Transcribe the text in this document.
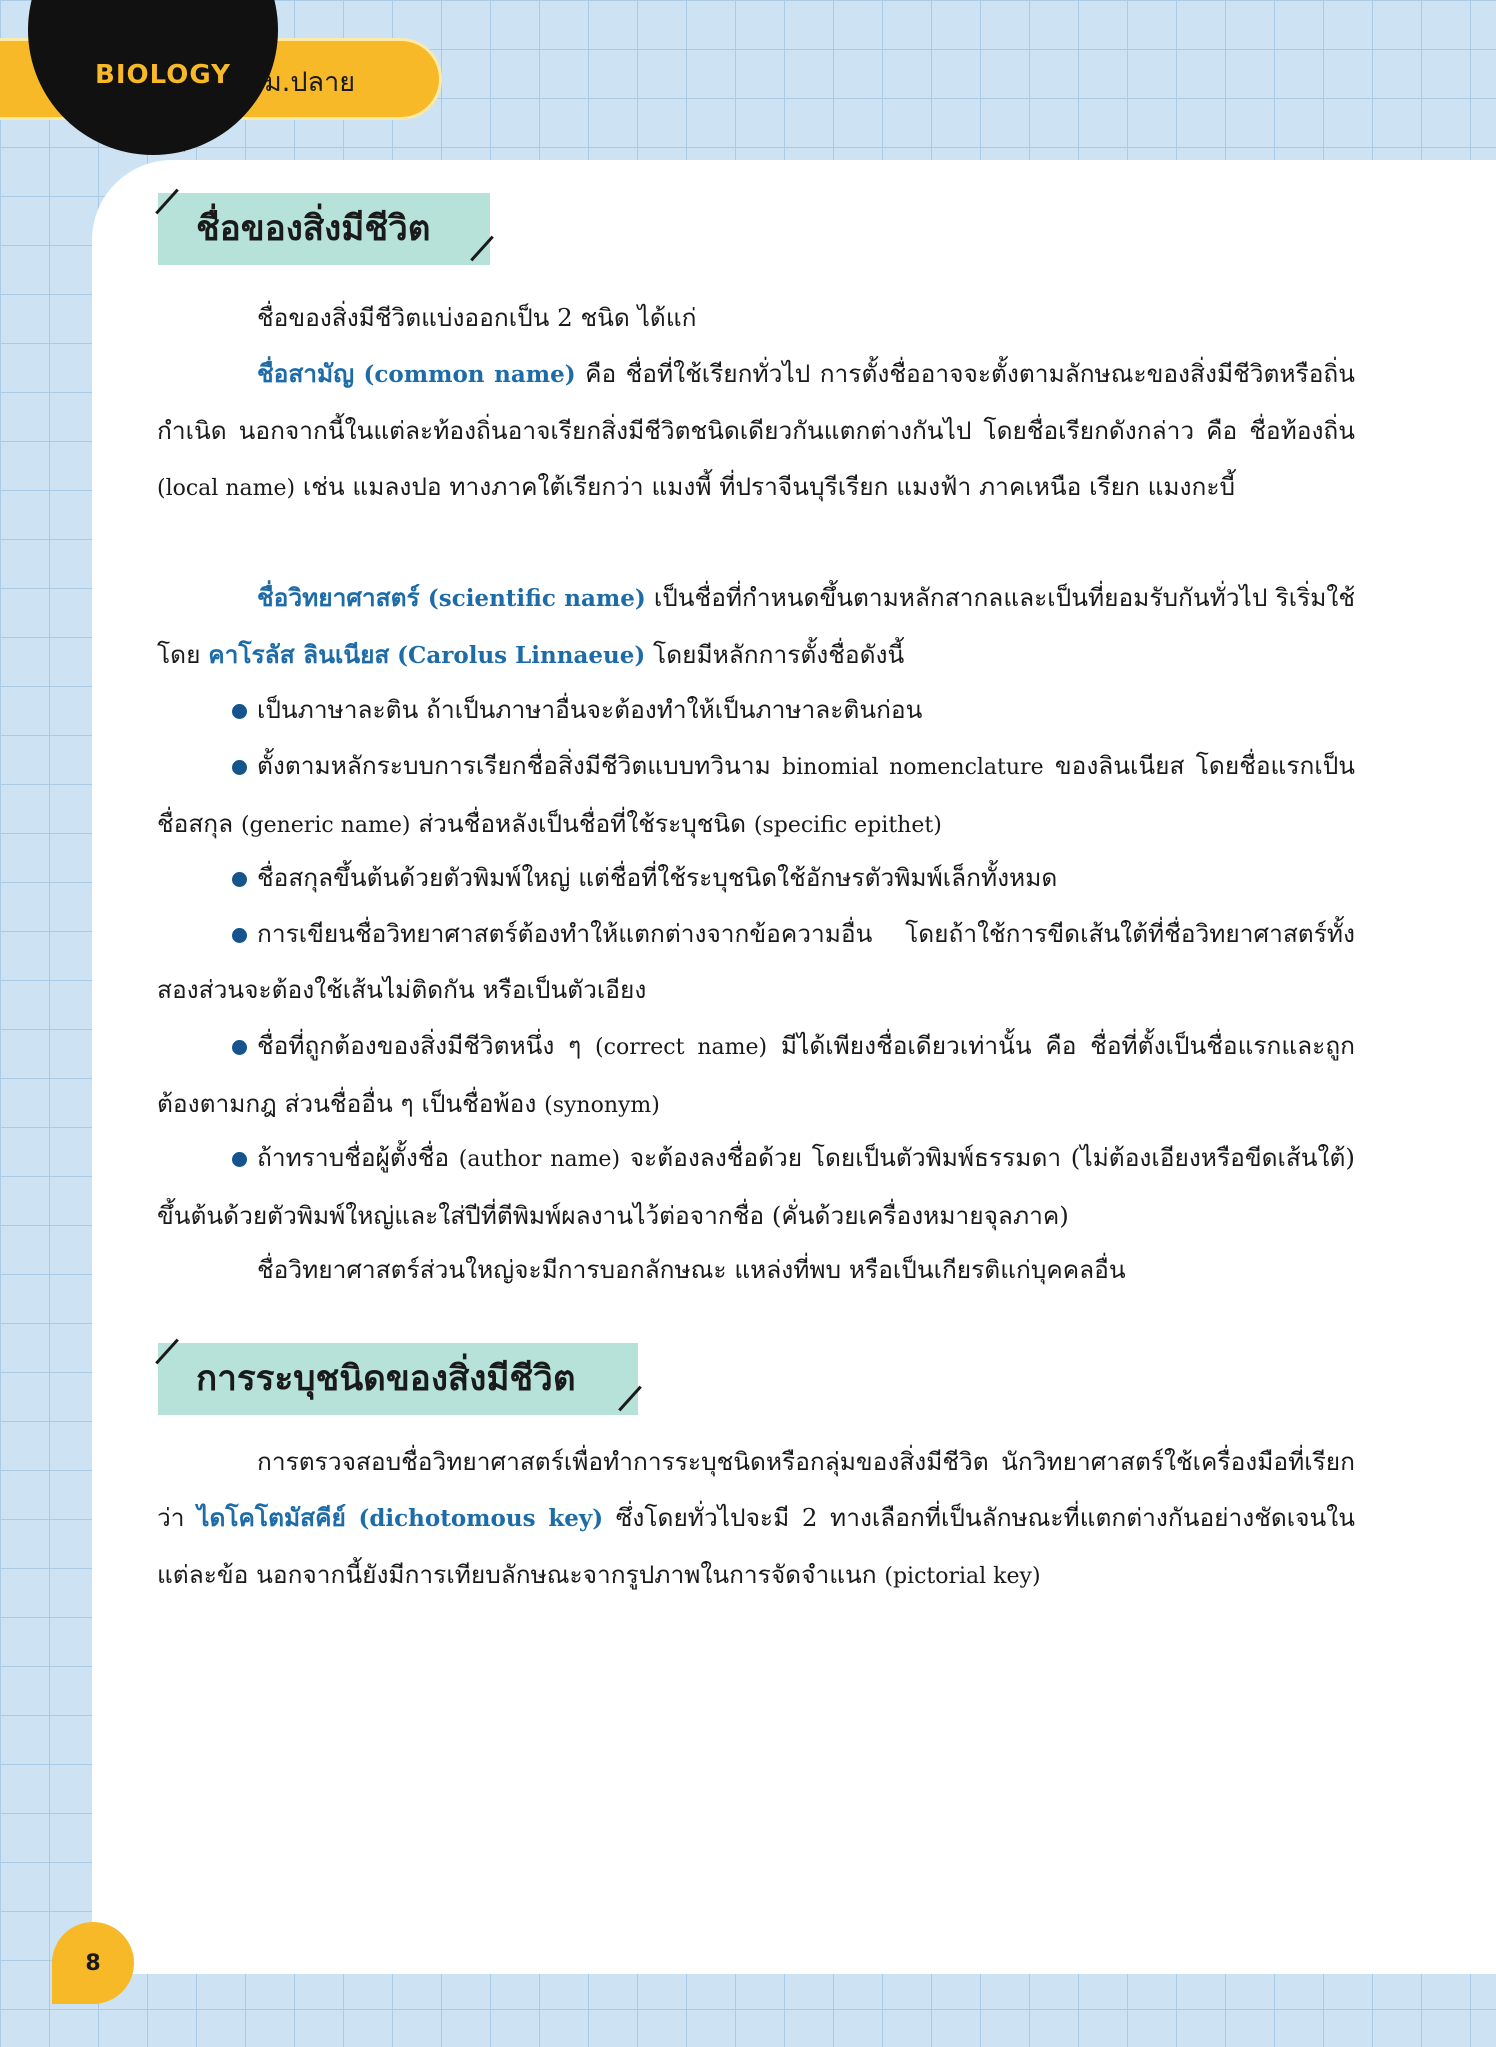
BIOLOGY ม.ปลาย
ชื่อของสิ่งมีชีวิต

ชื่อของสิ่งมีชีวิตแบ่งออกเป็น 2 ชนิด ได้แก่

ชื่อสามัญ (common name) คือ ชื่อที่ใช้เรียกทั่วไป การตั้งชื่ออาจจะตั้งตามลักษณะของสิ่งมีชีวิตหรือถิ่นกำเนิด นอกจากนี้ในแต่ละท้องถิ่นอาจเรียกสิ่งมีชีวิตชนิดเดียวกันแตกต่างกันไป โดยชื่อเรียกดังกล่าว คือ ชื่อท้องถิ่น (local name) เช่น แมลงปอ ทางภาคใต้เรียกว่า แมงพี้ ที่ปราจีนบุรีเรียก แมงฟ้า ภาคเหนือ เรียก แมงกะบี้

ชื่อวิทยาศาสตร์ (scientific name) เป็นชื่อที่กำหนดขึ้นตามหลักสากลและเป็นที่ยอมรับกันทั่วไป ริเริ่มใช้โดย คาโรลัส ลินเนียส (Carolus Linnaeue) โดยมีหลักการตั้งชื่อดังนี้

เป็นภาษาละติน ถ้าเป็นภาษาอื่นจะต้องทำให้เป็นภาษาละตินก่อน

ตั้งตามหลักระบบการเรียกชื่อสิ่งมีชีวิตแบบทวินาม binomial nomenclature ของลินเนียส โดยชื่อแรกเป็นชื่อสกุล (generic name) ส่วนชื่อหลังเป็นชื่อที่ใช้ระบุชนิด (specific epithet)

ชื่อสกุลขึ้นต้นด้วยตัวพิมพ์ใหญ่ แต่ชื่อที่ใช้ระบุชนิดใช้อักษรตัวพิมพ์เล็กทั้งหมด

การเขียนชื่อวิทยาศาสตร์ต้องทำให้แตกต่างจากข้อความอื่น โดยถ้าใช้การขีดเส้นใต้ที่ชื่อวิทยาศาสตร์ทั้งสองส่วนจะต้องใช้เส้นไม่ติดกัน หรือเป็นตัวเอียง

ชื่อที่ถูกต้องของสิ่งมีชีวิตหนึ่ง ๆ (correct name) มีได้เพียงชื่อเดียวเท่านั้น คือ ชื่อที่ตั้งเป็นชื่อแรกและถูกต้องตามกฎ ส่วนชื่ออื่น ๆ เป็นชื่อพ้อง (synonym)

ถ้าทราบชื่อผู้ตั้งชื่อ (author name) จะต้องลงชื่อด้วย โดยเป็นตัวพิมพ์ธรรมดา (ไม่ต้องเอียงหรือขีดเส้นใต้) ขึ้นต้นด้วยตัวพิมพ์ใหญ่และใส่ปีที่ตีพิมพ์ผลงานไว้ต่อจากชื่อ (คั่นด้วยเครื่องหมายจุลภาค)

ชื่อวิทยาศาสตร์ส่วนใหญ่จะมีการบอกลักษณะ แหล่งที่พบ หรือเป็นเกียรติแก่บุคคลอื่น

การระบุชนิดของสิ่งมีชีวิต

การตรวจสอบชื่อวิทยาศาสตร์เพื่อทำการระบุชนิดหรือกลุ่มของสิ่งมีชีวิต นักวิทยาศาสตร์ใช้เครื่องมือที่เรียกว่า ไดโคโตมัสคีย์ (dichotomous key) ซึ่งโดยทั่วไปจะมี 2 ทางเลือกที่เป็นลักษณะที่แตกต่างกันอย่างชัดเจนในแต่ละข้อ นอกจากนี้ยังมีการเทียบลักษณะจากรูปภาพในการจัดจำแนก (pictorial key)

8
